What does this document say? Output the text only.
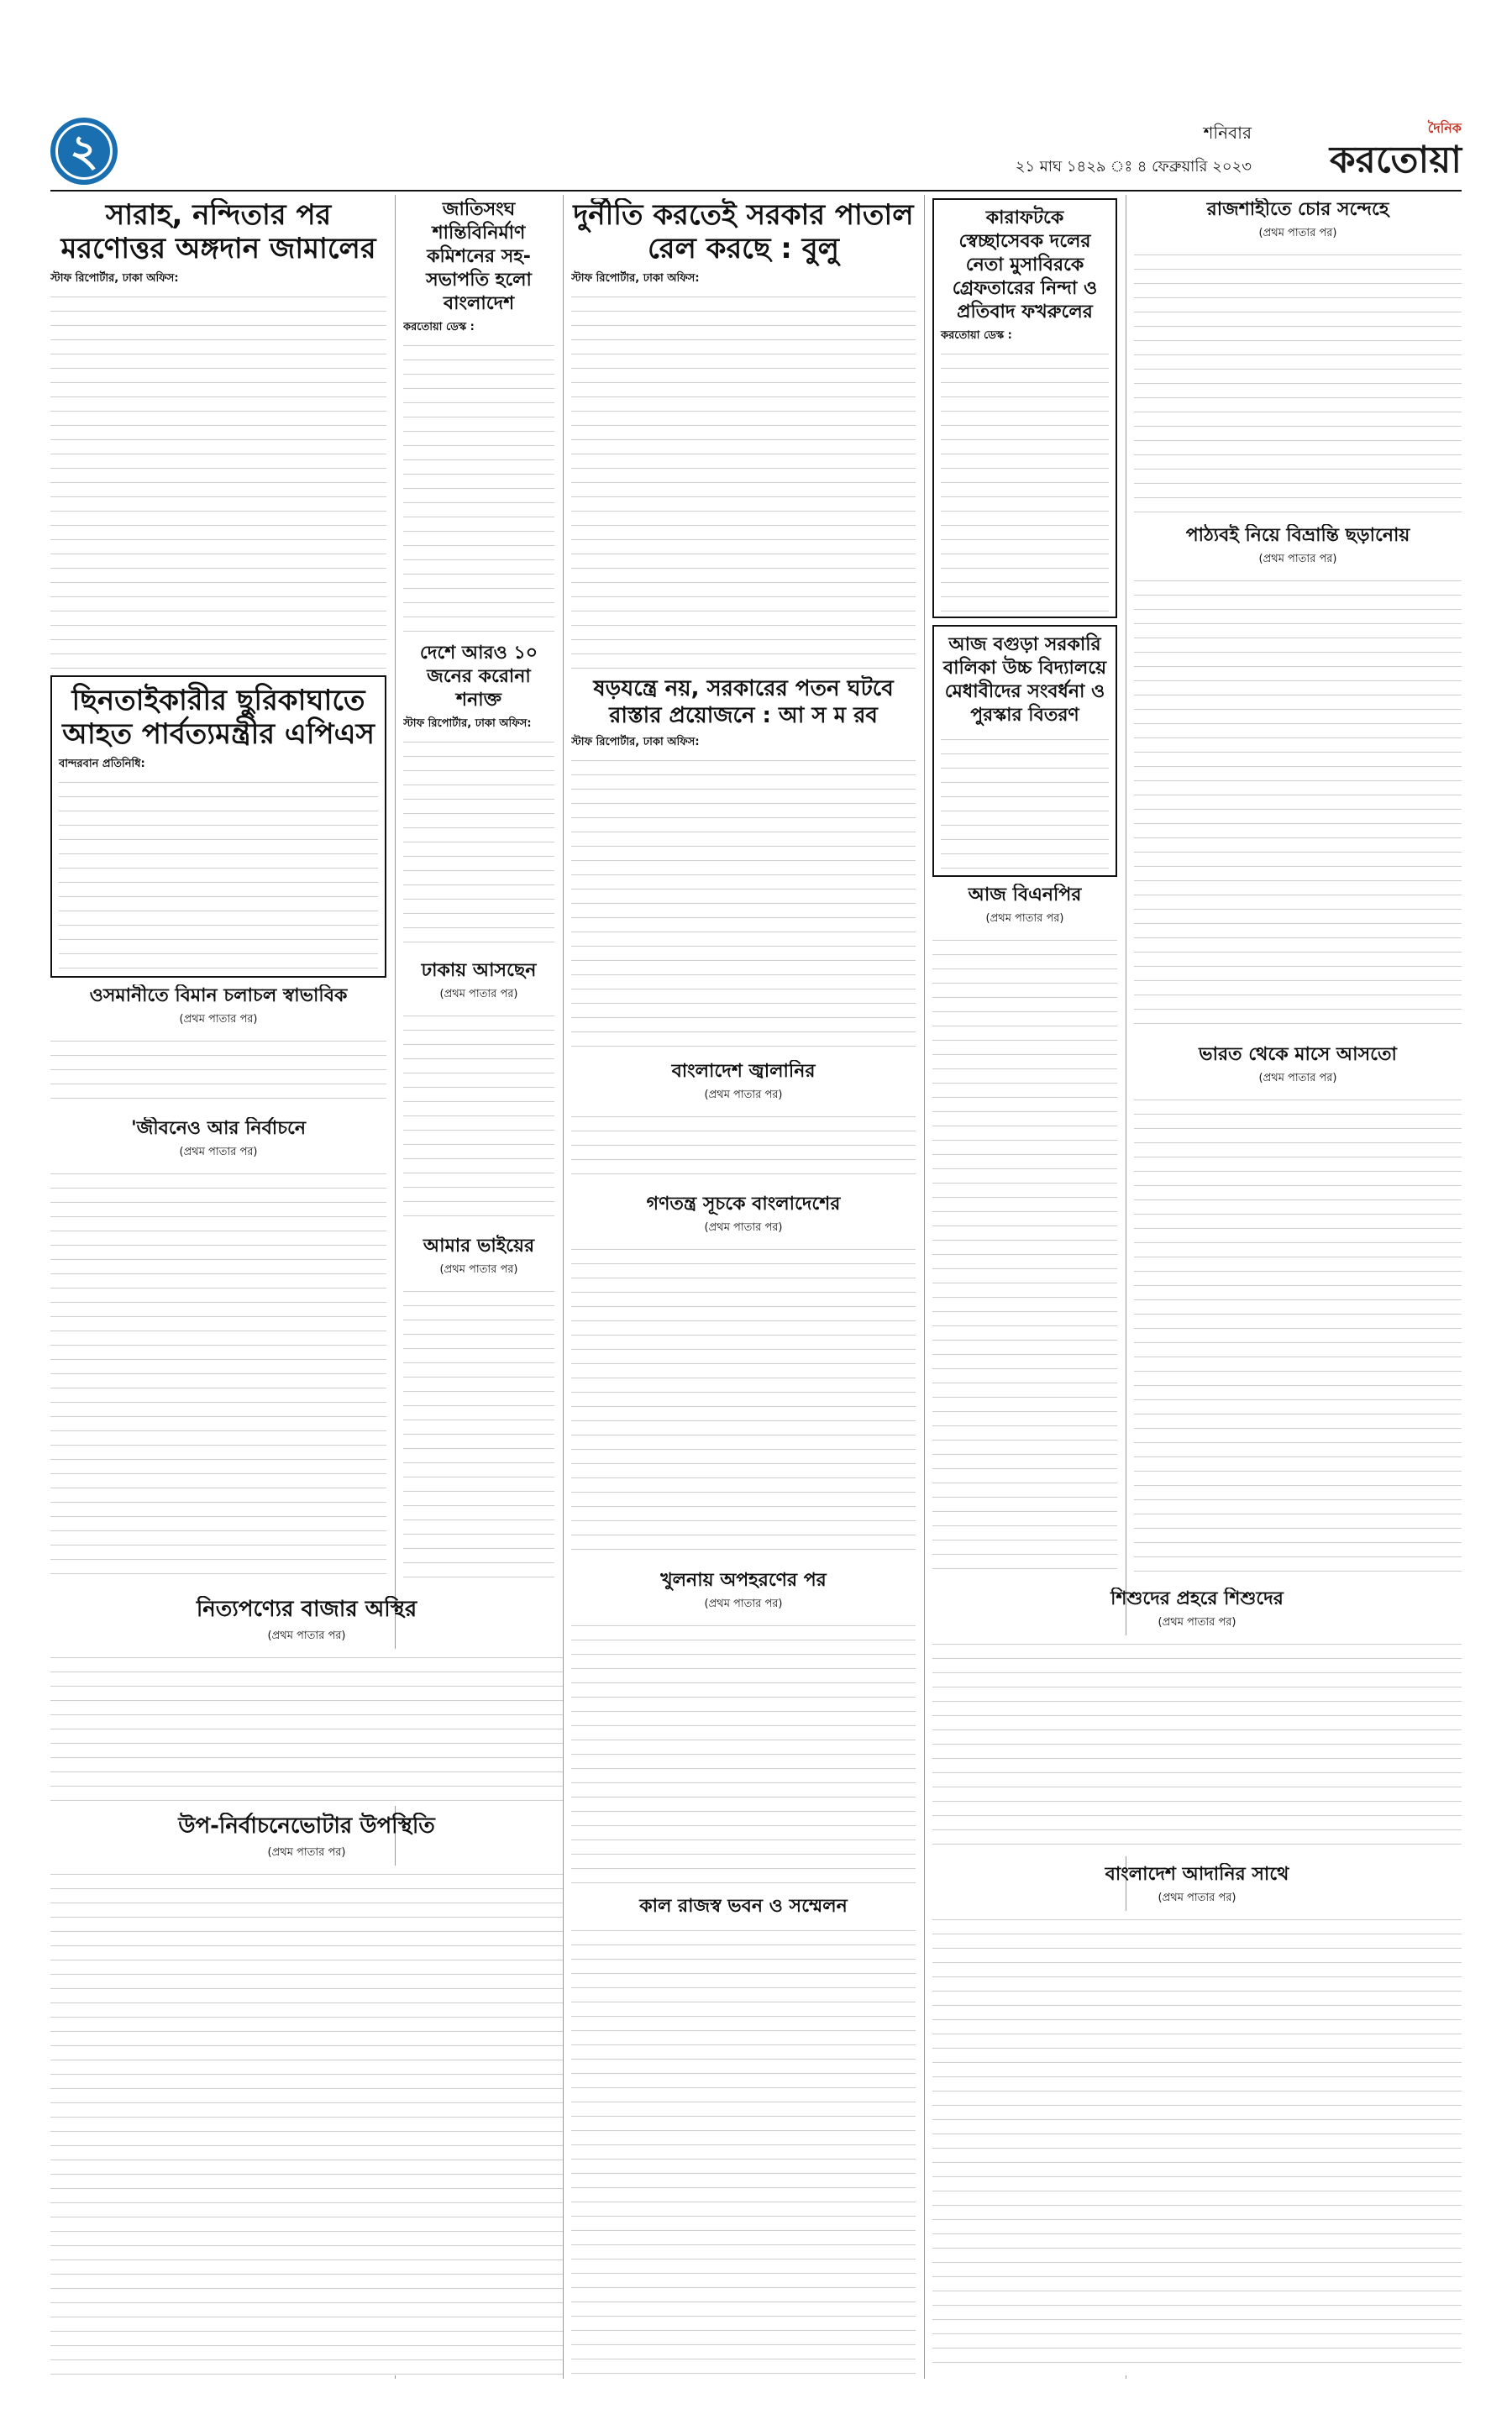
২	শনিবার
২১ মাঘ ১৪২৯ ঃ ৪ ফেব্রুয়ারি ২০২৩
দৈনিক
করতোয়া
সারাহ, নন্দিতার পর মরণোত্তর অঙ্গদান জামালের
স্টাফ রিপোর্টার, ঢাকা অফিস:
ছিনতাইকারীর ছুরিকাঘাতে আহত পার্বত্যমন্ত্রীর এপিএস
বান্দরবান প্রতিনিধি:
ওসমানীতে বিমান চলাচল স্বাভাবিক
(প্রথম পাতার পর)
'জীবনেও আর নির্বাচনে
(প্রথম পাতার পর)
জাতিসংঘ শান্তিবিনির্মাণ কমিশনের সহ-সভাপতি হলো বাংলাদেশ
করতোয়া ডেস্ক :
দেশে আরও ১০ জনের করোনা শনাক্ত
স্টাফ রিপোর্টার, ঢাকা অফিস:
ঢাকায় আসছেন
(প্রথম পাতার পর)
আমার ভাইয়ের
(প্রথম পাতার পর)
দুর্নীতি করতেই সরকার পাতাল রেল করছে : বুলু
স্টাফ রিপোর্টার, ঢাকা অফিস:
ষড়যন্ত্রে নয়, সরকারের পতন ঘটবে রাস্তার প্রয়োজনে : আ স ম রব
স্টাফ রিপোর্টার, ঢাকা অফিস:
বাংলাদেশ জ্বালানির
(প্রথম পাতার পর)
গণতন্ত্র সূচকে বাংলাদেশের
(প্রথম পাতার পর)
খুলনায় অপহরণের পর
(প্রথম পাতার পর)
কাল রাজস্ব ভবন ও সম্মেলন
কারাফটকে স্বেচ্ছাসেবক দলের নেতা মুসাবিরকে গ্রেফতারের নিন্দা ও প্রতিবাদ ফখরুলের
করতোয়া ডেস্ক :
আজ বগুড়া সরকারি বালিকা উচ্চ বিদ্যালয়ে মেধাবীদের সংবর্ধনা ও পুরস্কার বিতরণ
আজ বিএনপির
(প্রথম পাতার পর)
রাজশাহীতে চোর সন্দেহে
(প্রথম পাতার পর)
পাঠ্যবই নিয়ে বিভ্রান্তি ছড়ানোয়
(প্রথম পাতার পর)
ভারত থেকে মাসে আসতো
(প্রথম পাতার পর)
নিত্যপণ্যের বাজার অস্থির
(প্রথম পাতার পর)
উপ-নির্বাচনেভোটার উপস্থিতি
(প্রথম পাতার পর)
শিশুদের প্রহরে শিশুদের
(প্রথম পাতার পর)
বাংলাদেশ আদানির সাথে
(প্রথম পাতার পর)
